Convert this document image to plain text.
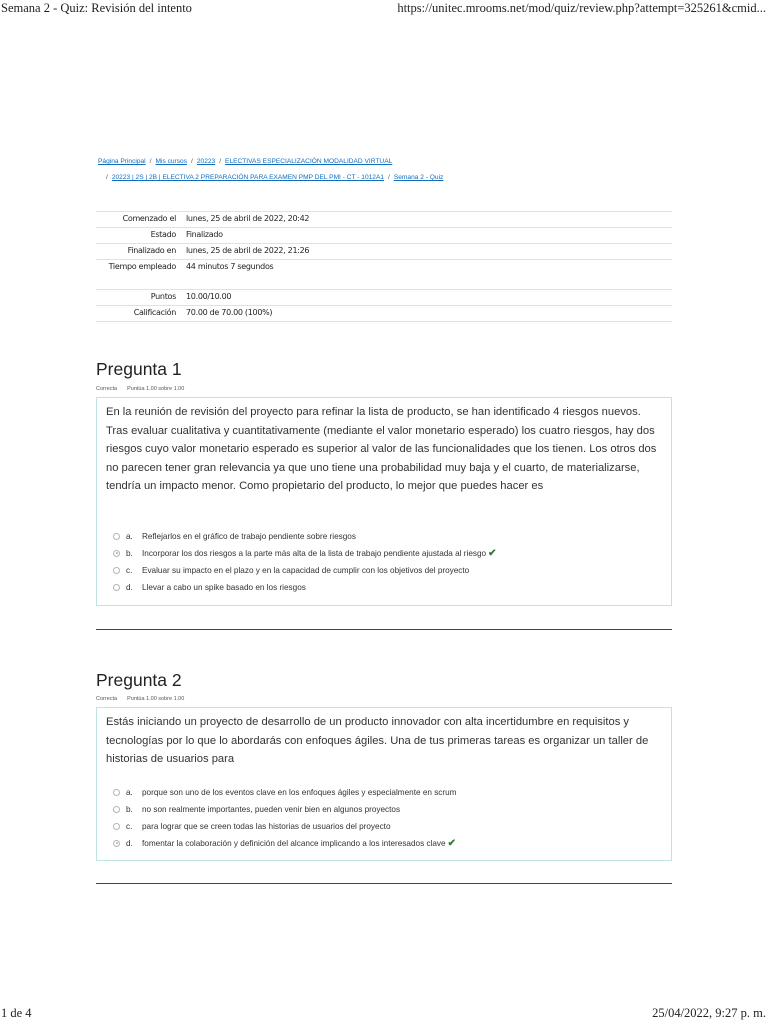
Semana 2 - Quiz: Revisión del intento	https://unitec.mrooms.net/mod/quiz/review.php?attempt=325261&cmid...
Página Principal / Mis cursos / 20223 / ELECTIVAS ESPECIALIZACIÓN MODALIDAD VIRTUAL
/ 20223 | 2S | 2B | ELECTIVA 2 PREPARACIÓN PARA EXAMEN PMP DEL PMI - CT - 1012A1 / Semana 2 - Quiz
Comenzado el	lunes, 25 de abril de 2022, 20:42
Estado	Finalizado
Finalizado en	lunes, 25 de abril de 2022, 21:26
Tiempo empleado	44 minutos 7 segundos
Puntos	10.00/10.00
Calificación	70.00 de 70.00 (100%)
Pregunta 1
Correcta Puntúa 1.00 sobre 1.00
En la reunión de revisión del proyecto para refinar la lista de producto, se han identificado 4 riesgos nuevos. Tras evaluar cualitativa y cuantitativamente (mediante el valor monetario esperado) los cuatro riesgos, hay dos riesgos cuyo valor monetario esperado es superior al valor de las funcionalidades que los tienen. Los otros dos no parecen tener gran relevancia ya que uno tiene una probabilidad muy baja y el cuarto, de materializarse, tendría un impacto menor. Como propietario del producto, lo mejor que puedes hacer es
a. Reflejarlos en el gráfico de trabajo pendiente sobre riesgos
b. Incorporar los dos riesgos a la parte más alta de la lista de trabajo pendiente ajustada al riesgo ✔
c. Evaluar su impacto en el plazo y en la capacidad de cumplir con los objetivos del proyecto
d. Llevar a cabo un spike basado en los riesgos
Pregunta 2
Correcta Puntúa 1.00 sobre 1.00
Estás iniciando un proyecto de desarrollo de un producto innovador con alta incertidumbre en requisitos y tecnologías por lo que lo abordarás con enfoques ágiles. Una de tus primeras tareas es organizar un taller de historias de usuarios para
a. porque son uno de los eventos clave en los enfoques ágiles y especialmente en scrum
b. no son realmente importantes, pueden venir bien en algunos proyectos
c. para lograr que se creen todas las historias de usuarios del proyecto
d. fomentar la colaboración y definición del alcance implicando a los interesados clave ✔
1 de 4	25/04/2022, 9:27 p. m.
